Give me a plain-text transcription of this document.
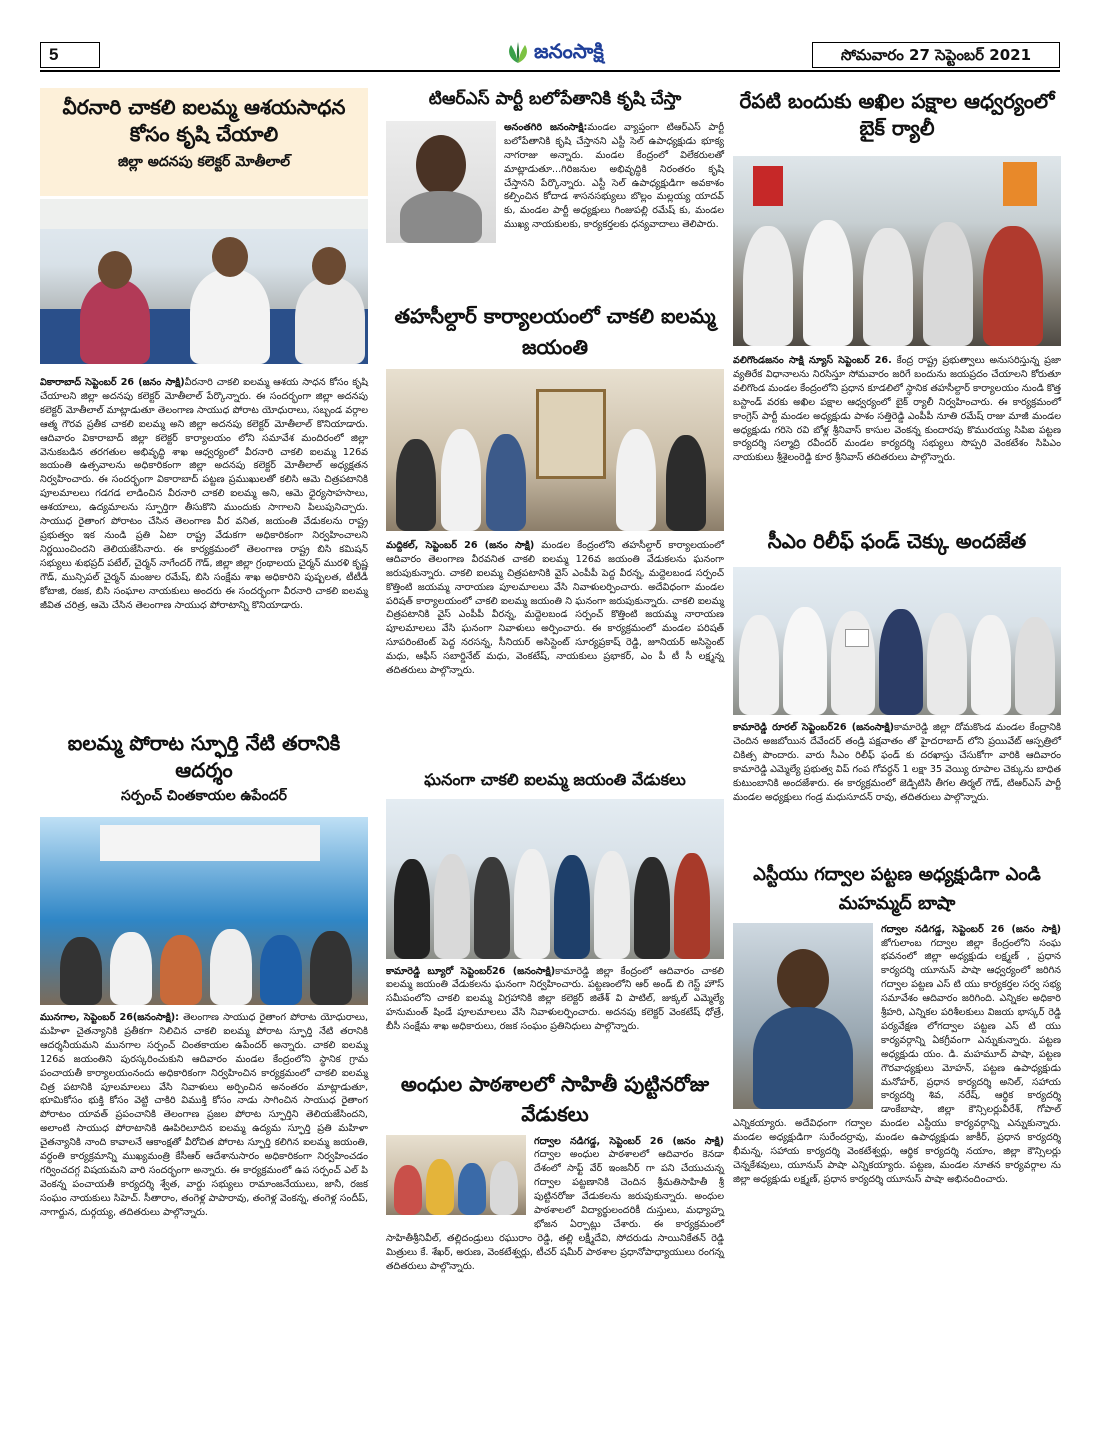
5	జనంసాక్షి	సోమవారం 27 సెప్టెంబర్ 2021
వీరనారి చాకలి ఐలమ్మ ఆశయసాధన కోసం కృషి చేయాలి
జిల్లా అదనపు కలెక్టర్ మోతీలాల్
వికారాబాద్ సెప్టెంబర్ 26 (జనం సాక్షి)వీరనారి చాకలి ఐలమ్మ ఆశయ సాధన కోసం కృషి చేయాలని జిల్లా అదనపు కలెక్టర్ మోతీలాల్ పేర్కొన్నారు. ఈ సందర్భంగా జిల్లా అదనపు కలెక్టర్ మోతీలాల్ మాట్లాడుతూ తెలంగాణ సాయుధ పోరాట యోధురాలు, సబ్బండ వర్గాల ఆత్మ గౌరవ ప్రతీక చాకలి ఐలమ్మ అని జిల్లా అదనపు కలెక్టర్ మోతీలాల్ కొనియాడారు. ఆదివారం వికారాబాద్ జిల్లా కలెక్టర్ కార్యాలయం లోని సమావేశ మందిరంలో జిల్లా వెనుకబడిన తరగతుల అభివృద్ధి శాఖ ఆధ్వర్యంలో వీరనారి చాకలి ఐలమ్మ 126వ జయంతి ఉత్సవాలను అధికారికంగా జిల్లా అదనపు కలెక్టర్ మోతీలాల్ అధ్యక్షతన నిర్వహించారు. ఈ సందర్భంగా వికారాబాద్ పట్టణ ప్రముఖులతో కలిసి ఆమె చిత్రపటానికి పూలమాలలు గడగడ లాడించిన వీరనారి చాకలి ఐలమ్మ అని, ఆమె ధైర్యసాహసాలు, ఆశయాలు, ఉద్యమాలను స్ఫూర్తిగా తీసుకొని ముందుకు సాగాలని పిలుపునిచ్చారు. సాయుధ రైతాంగ పోరాటం చేసిన తెలంగాణ వీర వనిత, జయంతి వేడుకలను రాష్ట్ర ప్రభుత్వం ఇక నుండి ప్రతి ఏటా రాష్ట్ర వేడుకగా అధికారికంగా నిర్వహించాలని నిర్ణయించిందని తెలియజేసినారు. ఈ కార్యక్రమంలో తెలంగాణ రాష్ట్ర బిసి కమిషన్ సభ్యులు శుభప్రద్ పటేల్, చైర్మన్ నాగేందర్ గౌడ్, జిల్లా జిల్లా గ్రంథాలయ చైర్మన్ మురళి కృష్ణ గౌడ్, మున్సిపల్ చైర్మన్ మంజుల రమేష్, బిసి సంక్షేమ శాఖ అధికారిని పుష్పలత, టీటీడీ కోటాజి, రజక, బిసి సంఘాల నాయకులు అందరు ఈ సందర్భంగా వీరనారి చాకలి ఐలమ్మ జీవిత చరిత్ర, ఆమె చేసిన తెలంగాణ సాయుధ పోరాటాన్ని కొనియాడారు.
ఐలమ్మ పోరాట స్ఫూర్తి నేటి తరానికి ఆదర్శం
సర్పంచ్ చింతకాయల ఉపేందర్
మునగాల, సెప్టెంబర్ 26(జనంసాక్షి): తెలంగాణ సాయుధ రైతాంగ పోరాట యోధురాలు, మహిళా చైతన్యానికి ప్రతీకగా నిలిచిన చాకలి ఐలమ్మ పోరాట స్ఫూర్తి నేటి తరానికి ఆదర్శనీయమని మునగాల సర్పంచ్ చింతకాయల ఉపేందర్ అన్నారు. చాకలి ఐలమ్మ 126వ జయంతిని పురస్కరించుకుని ఆదివారం మండల కేంద్రంలోని స్థానిక గ్రామ పంచాయతీ కార్యాలయంనందు అధికారికంగా నిర్వహించిన కార్యక్రమంలో చాకలి ఐలమ్మ చిత్ర పటానికి పూలమాలలు వేసి నివాళులు అర్పించిన అనంతరం మాట్లాడుతూ, భూమికోసం భుక్తి కోసం వెట్టి చాకిరి విముక్తి కోసం నాడు సాగించిన సాయుధ రైతాంగ పోరాటం యావత్ ప్రపంచానికి తెలంగాణ ప్రజల పోరాట స్ఫూర్తిని తెలియజేసిందని, అలాంటి సాయుధ పోరాటానికి ఊపిరిలూదిన ఐలమ్మ ఉద్యమ స్ఫూర్తి ప్రతి మహిళా చైతన్యానికి నాంది కావాలనే ఆకాంక్షతో వీరోచిత పోరాట స్ఫూర్తి కలిగిన ఐలమ్మ జయంతి, వర్ధంతి కార్యక్రమాన్ని ముఖ్యమంత్రి కేసీఆర్ ఆదేశానుసారం అధికారికంగా నిర్వహించడం గర్వించదగ్గ విషయమని వారి సందర్భంగా అన్నారు. ఈ కార్యక్రమంలో ఉప సర్పంచ్ ఎల్ పి వెంకన్న పంచాయతీ కార్యదర్శి శ్వేత, వార్డు సభ్యులు రామాంజనేయులు, జానీ, రజక సంఘం నాయకులు సిహెచ్. సీతారాం, తంగెళ్ల పాపారావు, తంగెళ్ల వెంకన్న, తంగెళ్ల సందీప్, నాగార్జున, దుర్గయ్య, తదితరులు పాల్గొన్నారు.
టిఆర్ఎస్ పార్టీ బలోపేతానికి కృషి చేస్తా
అనంతగిరి జనంసాక్షి:మండల వ్యాప్తంగా టిఆర్ఎస్ పార్టీ బలోపేతానికి కృషి చేస్తానని ఎస్టీ సెల్ ఉపాధ్యక్షుడు భూక్య నాగరాజు అన్నారు. మండల కేంద్రంలో విలేకరులతో మాట్లాడుతూ...గిరిజనుల అభివృద్ధికి నిరంతరం కృషి చేస్తానని పేర్కొన్నారు. ఎస్టీ సెల్ ఉపాధ్యక్షుడిగా అవకాశం కల్పించిన కోదాడ శాసనసభ్యులు బొల్లం మల్లయ్య యాదవ్ కు, మండల పార్టీ అధ్యక్షులు గింజుపల్లి రమేష్ కు, మండల ముఖ్య నాయకులకు, కార్యకర్తలకు ధన్యవాదాలు తెలిపారు.
తహసీల్దార్ కార్యాలయంలో చాకలి ఐలమ్మ జయంతి
మద్దికల్, సెప్టెంబర్ 26 (జనం సాక్షి) మండల కేంద్రంలోని తహసీల్దార్ కార్యాలయంలో ఆదివారం తెలంగాణ వీరవనిత చాకలి ఐలమ్మ 126వ జయంతి వేడుకలను ఘనంగా జరుపుకున్నారు. చాకలి ఐలమ్మ చిత్రపటానికి వైస్ ఎంపీపీ పెద్ద వీరన్న, మద్దెలబండ సర్పంచ్ కొత్తింటి జయమ్మ నారాయణ పూలమాలలు వేసి నివాళులర్పించారు. అదేవిధంగా మండల పరిషత్ కార్యాలయంలో చాకలి ఐలమ్మ జయంతి ని ఘనంగా జరుపుకున్నారు. చాకలి ఐలమ్మ చిత్రపటానికి వైస్ ఎంపీపీ వీరన్న, మద్దెలబండ సర్పంచ్ కొత్తింటి జయమ్మ నారాయణ పూలమాలలు వేసి ఘనంగా నివాళులు అర్పించారు. ఈ కార్యక్రమంలో మండల పరిషత్ సూపరింటెంట్ పెద్ద నరసన్న, సీనియర్ అసిస్టెంట్ సూర్యప్రకాష్ రెడ్డి, జూనియర్ అసిస్టెంట్ మధు, ఆఫీస్ సబార్డినేట్ మధు, వెంకటేష్, నాయకులు ప్రభాకర్, ఎం పీ టీ సీ లక్ష్మన్న తదితరులు పాల్గొన్నారు.
ఘనంగా చాకలి ఐలమ్మ జయంతి వేడుకలు
కామారెడ్డి బ్యూరో సెప్టెంబర్26 (జనంసాక్షి)కామారెడ్డి జిల్లా కేంద్రంలో ఆదివారం చాకలి ఐలమ్మ జయంతి వేడుకలను ఘనంగా నిర్వహించారు. పట్టణంలోని ఆర్ అండ్ బి గెస్ట్ హౌస్ సమీపంలోని చాకలి ఐలమ్మ విగ్రహానికి జిల్లా కలెక్టర్ జితేశ్ వి పాటిల్, జుక్కల్ ఎమ్మెల్యే హనుమంత్ షిండే పూలమాలలు వేసి నివాళులర్పించారు. అదనపు కలెక్టర్ వెంకటేష్ ధోత్రే, బీసీ సంక్షేమ శాఖ అధికారులు, రజక సంఘం ప్రతినిధులు పాల్గొన్నారు.
అంధుల పాఠశాలలో సాహితీ పుట్టినరోజు వేడుకలు
గద్వాల నడిగడ్డ, సెప్టెంబర్ 26 (జనం సాక్షి) గద్వాల అంధుల పాఠశాలలో ఆదివారం కెనడా దేశంలో సాఫ్ట్ వేర్ ఇంజనీర్ గా పని చేయుచున్న గద్వాల పట్టణానికి చెందిన శ్రీమతిసాహితీ శ్రీ పుట్టినరోజు వేడుకలను జరుపుకున్నారు. అంధుల పాఠశాలలో విద్యార్థులందరికీ దుస్తులు, మధ్యాహ్న భోజన ఏర్పాట్లు చేశారు. ఈ కార్యక్రమంలో సాహితీశ్రీనివీల్, తల్లిదండ్రులు రఘురాం రెడ్డి, తల్లి లక్ష్మీదేవి, సోదరుడు సాయినికేతన్ రెడ్డి మిత్రులు కే. శేఖర్, అరుణ, వెంకటేశ్వర్లు, టీచర్ షమీర్ పాఠశాల ప్రధానోపాధ్యాయులు రంగన్న తదితరులు పాల్గొన్నారు.
రేపటి బందుకు అఖిల పక్షాల ఆధ్వర్యంలో బైక్ ర్యాలీ
వలిగొండజనం సాక్షి న్యూస్ సెప్టెంబర్ 26. కేంద్ర రాష్ట్ర ప్రభుత్వాలు అనుసరిస్తున్న ప్రజా వ్యతిరేక విధానాలను నిరసిస్తూ సోమవారం జరిగే బందును జయప్రదం చేయాలని కోరుతూ వలిగొండ మండల కేంద్రంలోని ప్రధాన కూడలిలో స్థానిక తహసీల్దార్ కార్యాలయం నుండి కొత్త బస్టాండ్ వరకు అఖిల పక్షాల ఆధ్వర్యంలో బైక్ ర్యాలీ నిర్వహించారు. ఈ కార్యక్రమంలో కాంగ్రెస్ పార్టీ మండల అధ్యక్షుడు పాశం సత్తిరెడ్డి ఎంపీపీ నూతి రమేష్ రాజు మాజీ మండల అధ్యక్షుడు గరిసె రవి బోళ్ల శ్రీనివాస్ కాసుల వెంకన్న కుందారపు కొమురయ్య సిపిఐ పట్టణ కార్యదర్శి సల్మాద్రి రవీందర్ మండల కార్యదర్శి సభ్యులు సొప్పరి వెంకటేశం సిపిఎం నాయకులు శ్రీశైలంరెడ్డి కూర శ్రీనివాస్ తదితరులు పాల్గొన్నారు.
సీఎం రిలీఫ్ ఫండ్ చెక్కు అందజేత
కామారెడ్డి రూరల్ సెప్టెంబర్26 (జనంసాక్షి)కామారెడ్డి జిల్లా దోమకొండ మండల కేంద్రానికి చెందిన అజబోయిన దేవేందర్ తండ్రి పక్షవాతం తో హైదరాబాద్ లోని ప్రయివేట్ ఆస్పత్రిలో చికిత్స పొందారు. వారు సీఎం రిలీఫ్ ఫండ్ కు దరఖాస్తు చేసుకోగా వారికి ఆదివారం కామారెడ్డి ఎమ్మెల్యే ప్రభుత్వ విప్ గంప గోవర్ధన్ 1 లక్షా 35 వెయ్యి రూపాల చెక్కును బాధిత కుటుంబానికి అందజేశారు. ఈ కార్యక్రమంలో జెడ్పిటిసి తీగల తిర్మల్ గౌడ్, టిఆర్ఎస్ పార్టీ మండల అధ్యక్షులు గండ్ర మధుసూదన్ రావు, తదితరులు పాల్గొన్నారు.
ఎస్టీయు గద్వాల పట్టణ అధ్యక్షుడిగా ఎండి మహమ్మద్ బాషా
గద్వాల నడిగడ్డ, సెప్టెంబర్ 26 (జనం సాక్షి) జోగులాంబ గద్వాల జిల్లా కేంద్రంలోని సంఘ భవనంలో జిల్లా అధ్యక్షుడు లక్ష్మణ్ , ప్రధాన కార్యదర్శి యూనుస్ పాషా ఆధ్వర్యంలో జరిగిన గద్వాల పట్టణ ఎస్ టి యు కార్యకర్తల సర్వ సభ్య సమావేశం ఆదివారం జరిగింది. ఎన్నికల అధికారి శ్రీహరి, ఎన్నికల పరిశీలకులు విజయ భాస్కర్ రెడ్డి పర్యవేక్షణ లోగద్వాల పట్టణ ఎస్ టి యు కార్యవర్గాన్ని ఏకగ్రీవంగా ఎన్నుకున్నారు. పట్టణ అధ్యక్షుడు యం. డి. మహమూద్ పాషా, పట్టణ గౌరవాధ్యక్షులు మోహన్, పట్టణ ఉపాధ్యక్షుడు మనోహర్, ప్రధాన కార్యదర్శి అనిల్, సహాయ కార్యదర్శి శివ, నరేష్, ఆర్థిక కార్యదర్శి డాంకేబాషా, జిల్లా కౌన్సిలర్లువీరేశ్, గోపాల్ ఎన్నికయ్యారు. అదేవిధంగా గద్వాల మండల ఎస్టీయు కార్యవర్గాన్ని ఎన్నుకున్నారు. మండల అధ్యక్షుడిగా సురేందర్రావు, మండల ఉపాధ్యక్షుడు జాకీర్, ప్రధాన కార్యదర్శి భీమన్న, సహాయ కార్యదర్శి వెంకటేశ్వర్లు, ఆర్థిక కార్యదర్శి నయాం, జిల్లా కౌన్సిలర్లు చెన్నకేశవులు, యూనుస్ పాషా ఎన్నికయ్యారు. పట్టణ, మండల నూతన కార్యవర్గాల ను జిల్లా అధ్యక్షుడు లక్ష్మణ్, ప్రధాన కార్యదర్శి యూనుస్ పాషా అభినందించారు.
